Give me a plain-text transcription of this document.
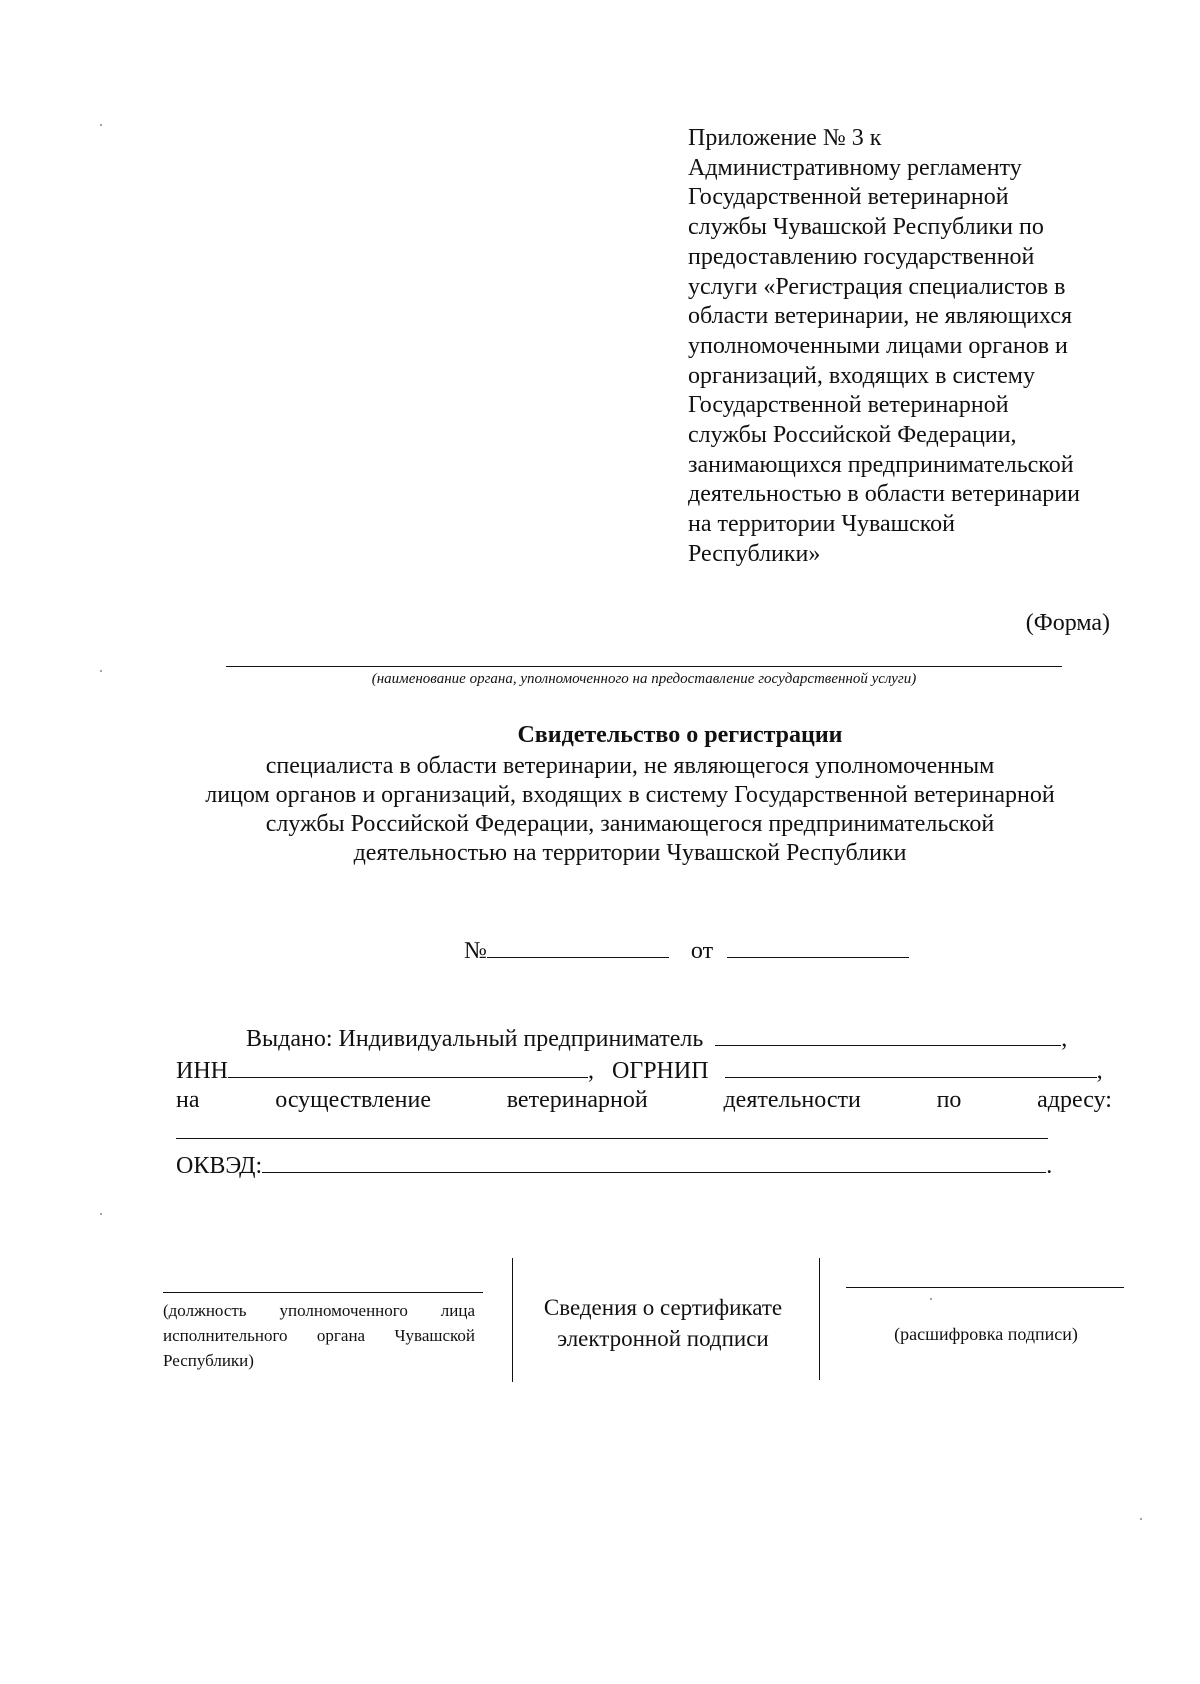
Приложение № 3 к
Административному регламенту
Государственной ветеринарной
службы Чувашской Республики по
предоставлению государственной
услуги «Регистрация специалистов в
области ветеринарии, не являющихся
уполномоченными лицами органов и
организаций, входящих в систему
Государственной ветеринарной
службы Российской Федерации,
занимающихся предпринимательской
деятельностью в области ветеринарии
на территории Чувашской
Республики»
(Форма)
(наименование органа, уполномоченного на предоставление государственной услуги)
Свидетельство о регистрации
специалиста в области ветеринарии, не являющегося уполномоченным
лицом органов и организаций, входящих в систему Государственной ветеринарной
службы Российской Федерации, занимающегося предпринимательской
деятельностью на территории Чувашской Республики
№	от
Выдано: Индивидуальный предприниматель	,
ИНН	, ОГРНИП	,
на	осуществление	ветеринарной	деятельности	по	адресу:
ОКВЭД:	.
(должность уполномоченного лица исполнительного органа Чувашской Республики)
Сведения о сертификате
электронной подписи	(расшифровка подписи)
